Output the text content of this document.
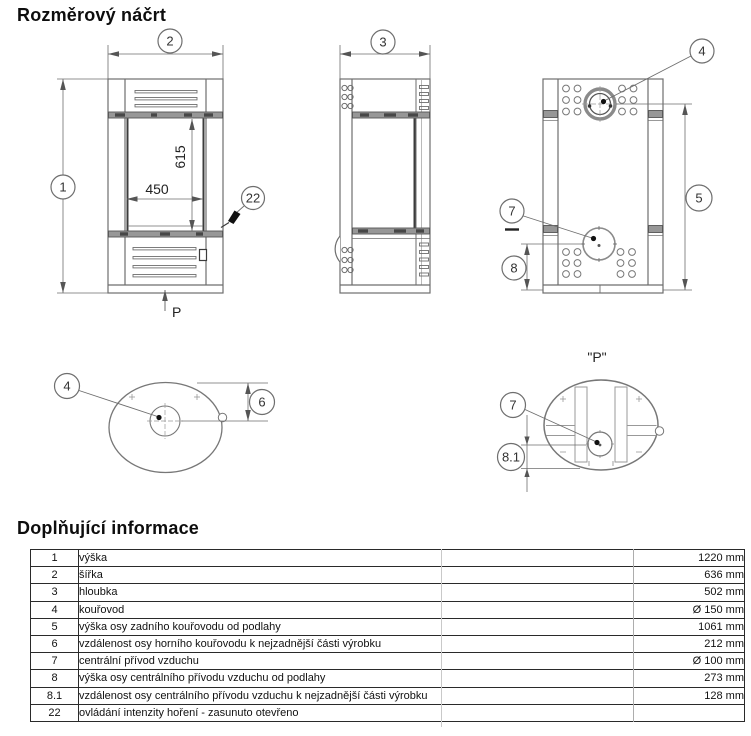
Rozměrový náčrt
615
450
1
2
22
P
3
4
5
7
8
4
6
"P"
7
8.1
Doplňující informace
1	výška	1220 mm
2	šířka	636 mm
3	hloubka	502 mm
4	kouřovod	Ø 150 mm
5	výška osy zadního kouřovodu od podlahy	1061 mm
6	vzdálenost osy horního kouřovodu k nejzadnější části výrobku	212 mm
7	centrální přívod vzduchu	Ø 100 mm
8	výška osy centrálního přívodu vzduchu od podlahy	273 mm
8.1	vzdálenost osy centrálního přívodu vzduchu k nejzadnější části výrobku	128 mm
22	ovládání intenzity hoření - zasunuto otevřeno	
